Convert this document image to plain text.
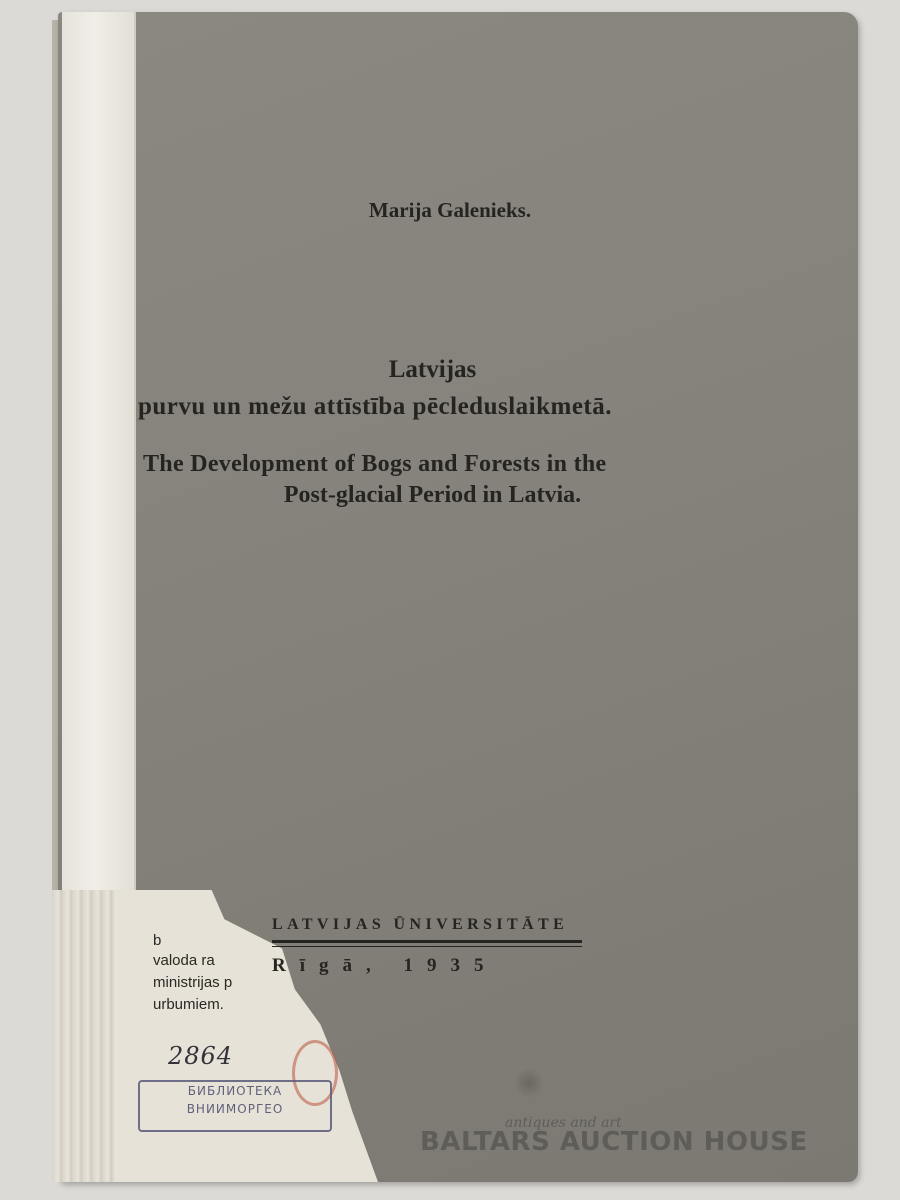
Marija Galenieks.
Latvijas
purvu un mežu attīstība pēcleduslaikmetā.
The Development of Bogs and Forests in the
Post-glacial Period in Latvia.
LATVIJAS ŪNIVERSITĀTE
Rīgā, 1935
b
valoda ra
ministrijas p
urbumiem.
2864
БИБЛИОТЕКА
ВНИИМОРГЕО
antiques and art
BALTARS AUCTION HOUSE
